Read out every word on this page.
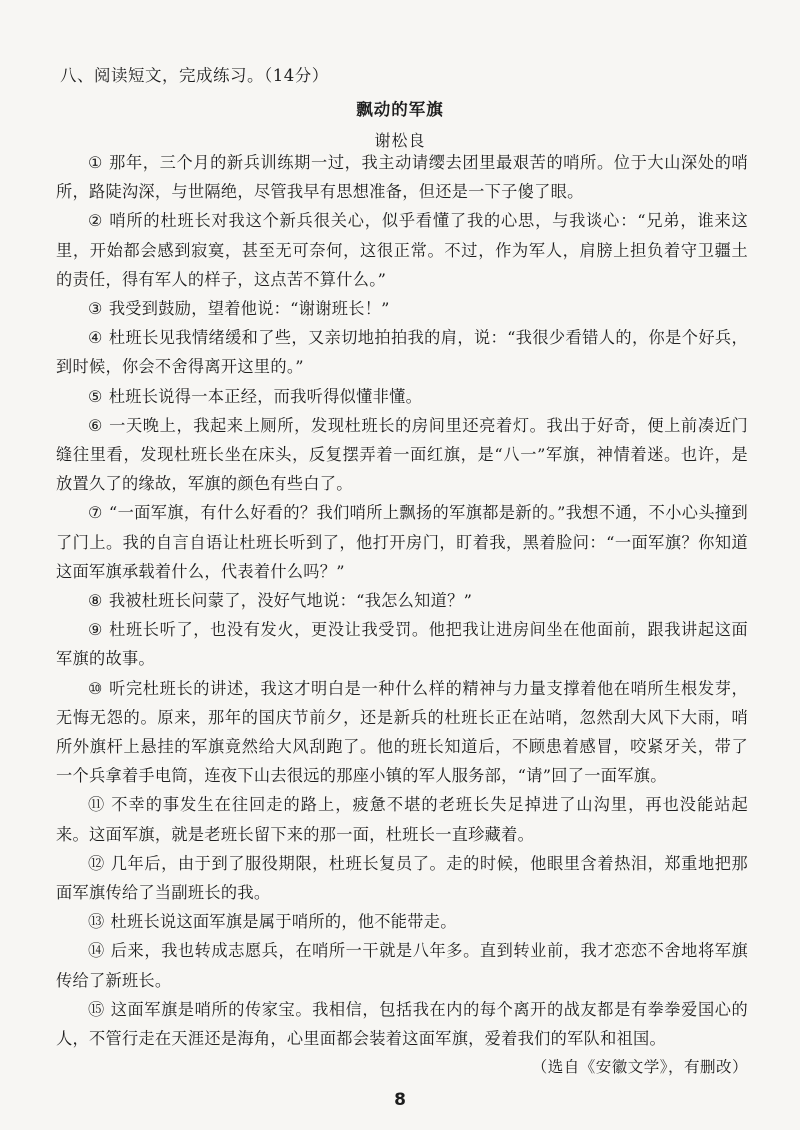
八、阅读短文，完成练习。（14分）
飘动的军旗
谢松良

① 那年，三个月的新兵训练期一过，我主动请缨去团里最艰苦的哨所。位于大山深处的哨所，路陡沟深，与世隔绝，尽管我早有思想准备，但还是一下子傻了眼。

② 哨所的杜班长对我这个新兵很关心，似乎看懂了我的心思，与我谈心：“兄弟，谁来这里，开始都会感到寂寞，甚至无可奈何，这很正常。不过，作为军人，肩膀上担负着守卫疆土的责任，得有军人的样子，这点苦不算什么。”

③ 我受到鼓励，望着他说：“谢谢班长！”

④ 杜班长见我情绪缓和了些，又亲切地拍拍我的肩，说：“我很少看错人的，你是个好兵，到时候，你会不舍得离开这里的。”

⑤ 杜班长说得一本正经，而我听得似懂非懂。

⑥ 一天晚上，我起来上厕所，发现杜班长的房间里还亮着灯。我出于好奇，便上前凑近门缝往里看，发现杜班长坐在床头，反复摆弄着一面红旗，是“八一”军旗，神情着迷。也许，是放置久了的缘故，军旗的颜色有些白了。

⑦ “一面军旗，有什么好看的？我们哨所上飘扬的军旗都是新的。”我想不通，不小心头撞到了门上。我的自言自语让杜班长听到了，他打开房门，盯着我，黑着脸问：“一面军旗？你知道这面军旗承载着什么，代表着什么吗？”

⑧ 我被杜班长问蒙了，没好气地说：“我怎么知道？”

⑨ 杜班长听了，也没有发火，更没让我受罚。他把我让进房间坐在他面前，跟我讲起这面军旗的故事。

⑩ 听完杜班长的讲述，我这才明白是一种什么样的精神与力量支撑着他在哨所生根发芽，无悔无怨的。原来，那年的国庆节前夕，还是新兵的杜班长正在站哨，忽然刮大风下大雨，哨所外旗杆上悬挂的军旗竟然给大风刮跑了。他的班长知道后，不顾患着感冒，咬紧牙关，带了一个兵拿着手电筒，连夜下山去很远的那座小镇的军人服务部，“请”回了一面军旗。

⑪ 不幸的事发生在往回走的路上，疲惫不堪的老班长失足掉进了山沟里，再也没能站起来。这面军旗，就是老班长留下来的那一面，杜班长一直珍藏着。

⑫ 几年后，由于到了服役期限，杜班长复员了。走的时候，他眼里含着热泪，郑重地把那面军旗传给了当副班长的我。

⑬ 杜班长说这面军旗是属于哨所的，他不能带走。

⑭ 后来，我也转成志愿兵，在哨所一干就是八年多。直到转业前，我才恋恋不舍地将军旗传给了新班长。

⑮ 这面军旗是哨所的传家宝。我相信，包括我在内的每个离开的战友都是有拳拳爱国心的人，不管行走在天涯还是海角，心里面都会装着这面军旗，爱着我们的军队和祖国。

（选自《安徽文学》，有删改）
8
